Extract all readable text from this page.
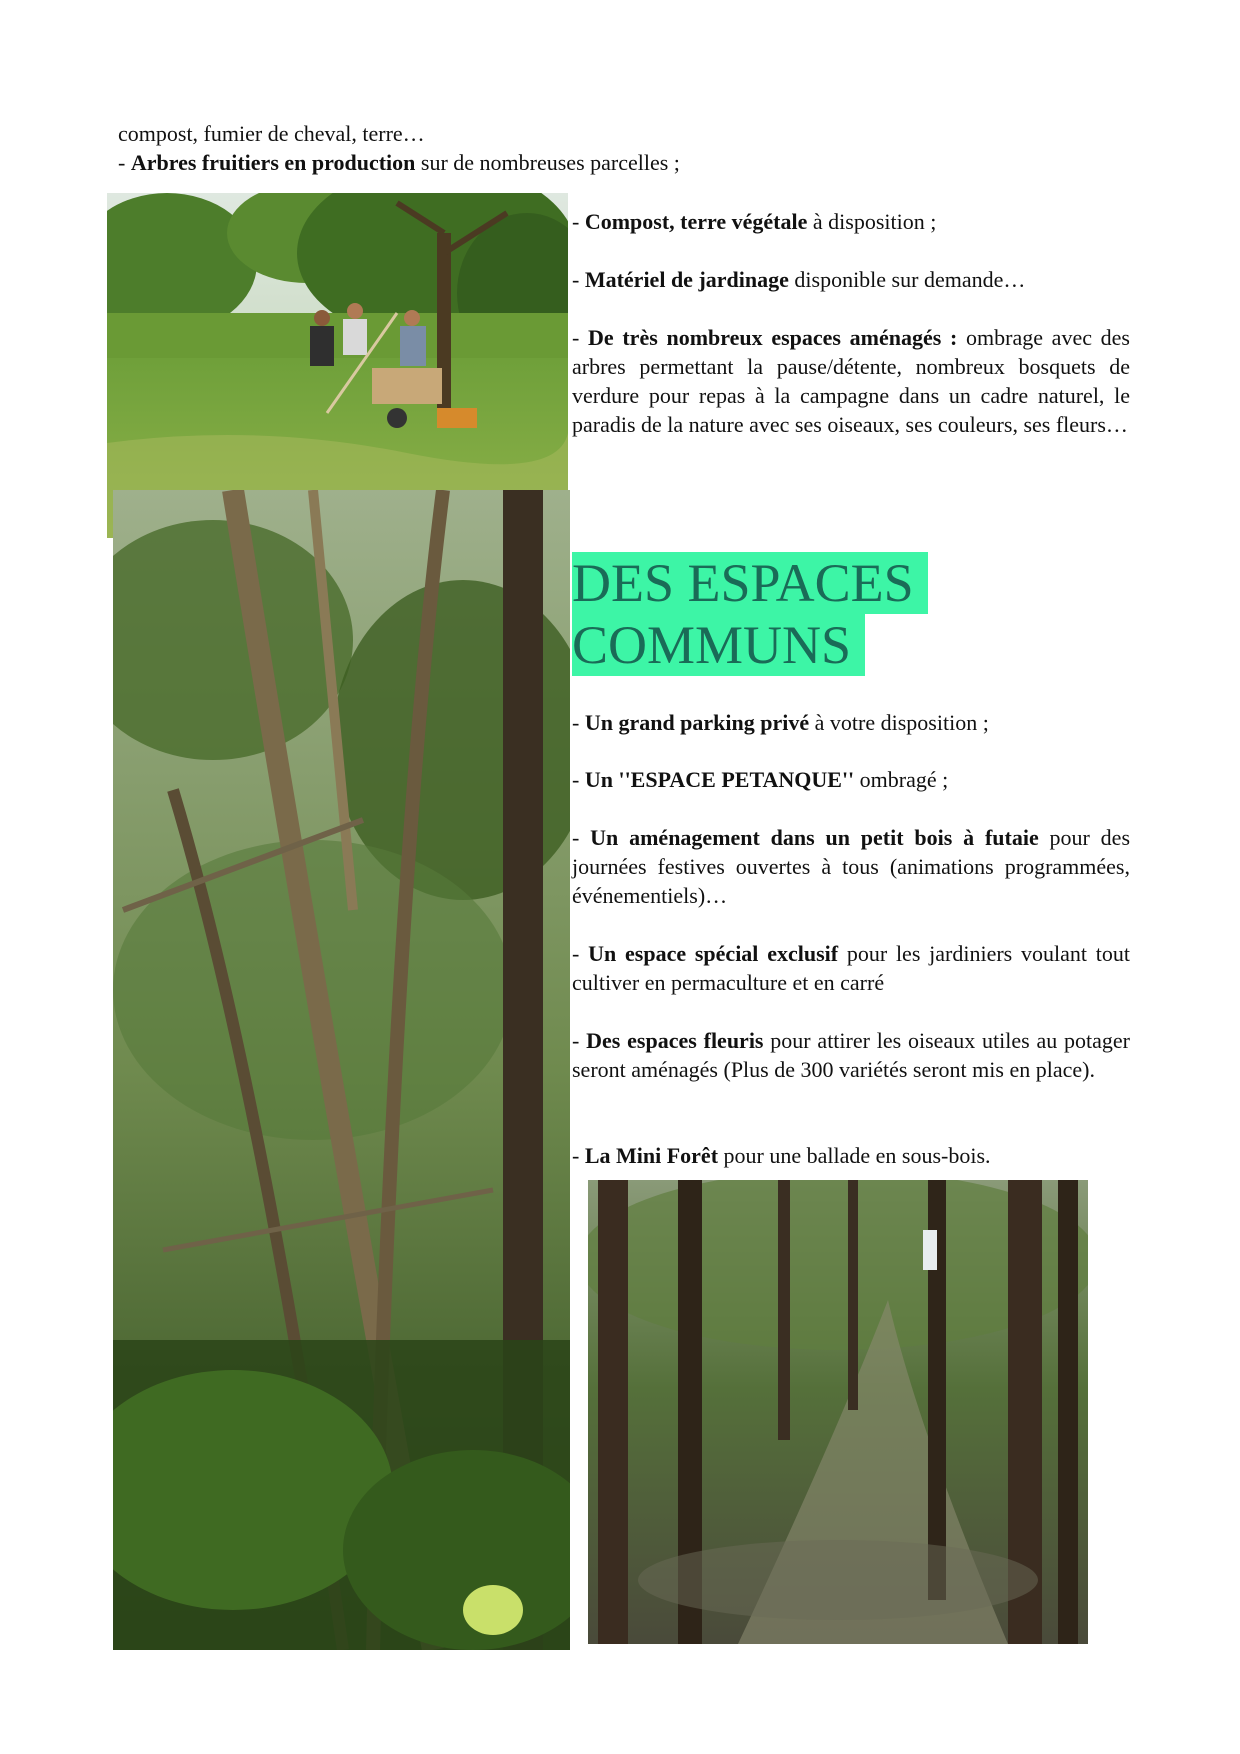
compost, fumier de cheval, terre…
- Arbres fruitiers en production sur de nombreuses parcelles ;
- Compost, terre végétale à disposition ;
- Matériel de jardinage disponible sur demande…
- De très nombreux espaces aménagés : ombrage avec des arbres permettant la pause/détente, nombreux bosquets de verdure pour repas à la campagne dans un cadre naturel, le paradis de la nature avec ses oiseaux, ses couleurs, ses fleurs…
DES ESPACES
COMMUNS
- Un grand parking privé à votre disposition ;
- Un ''ESPACE PETANQUE'' ombragé ;
- Un aménagement dans un petit bois à futaie pour des journées festives ouvertes à tous (animations programmées, événementiels)…
- Un espace spécial exclusif pour les jardiniers voulant tout cultiver en permaculture et en carré
- Des espaces fleuris pour attirer les oiseaux utiles au potager seront aménagés (Plus de 300 variétés seront mis en place).
- La Mini Forêt pour une ballade en sous-bois.
